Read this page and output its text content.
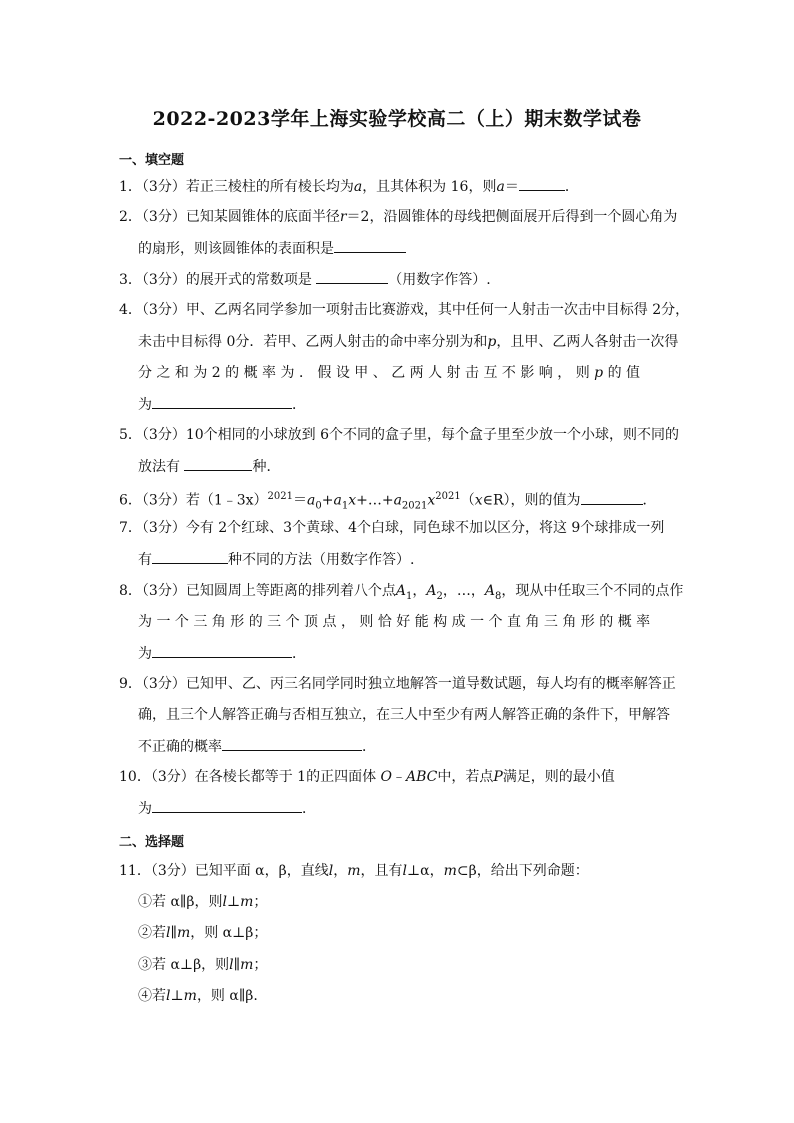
2022-2023学年上海实验学校高二（上）期末数学试卷
一、填空题
1．（3分）若正三棱柱的所有棱长均为a，且其体积为 16，则a＝	．
2．（3分）已知某圆锥体的底面半径r＝2，沿圆锥体的母线把侧面展开后得到一个圆心角为
的扇形，则该圆锥体的表面积是
3．（3分）的展开式的常数项是	（用数字作答）.
4．（3分）甲、乙两名同学参加一项射击比赛游戏，其中任何一人射击一次击中目标得 2分，
未击中目标得 0分．若甲、乙两人射击的命中率分别为和p，且甲、乙两人各射击一次得
分 之 和 为 2 的 概 率 为 ． 假 设 甲 、 乙 两 人 射 击 互 不 影 响 ， 则 p 的 值
为	．
5．（3分）10个相同的小球放到 6个不同的盒子里，每个盒子里至少放一个小球，则不同的
放法有	种．
6．（3分）若$(1﹣3x)^{2021}=a_0+a_1x+\dots+a_{2021}x^{2021}(x\in R)$，则的值为	．
7．（3分）今有 2个红球、3个黄球、4个白球，同色球不加以区分，将这 9个球排成一列
有	种不同的方法（用数字作答）.
8．（3分）已知圆周上等距离的排列着八个点$A_1$，$A_2$，…，$A_8$，现从中任取三个不同的点作
为 一 个 三 角 形 的 三 个 顶 点 ， 则 恰 好 能 构 成 一 个 直 角 三 角 形 的 概 率
为	．
9．（3分）已知甲、乙、丙三名同学同时独立地解答一道导数试题，每人均有的概率解答正
确，且三个人解答正确与否相互独立，在三人中至少有两人解答正确的条件下，甲解答
不正确的概率	．
10．（3分）在各棱长都等于 1的正四面体 O﹣ABC中，若点P满足，则的最小值
为	．
二、选择题
11．（3分）已知平面 α，β，直线l，m，且有l⊥α，m⊂β，给出下列命题：
①若 α∥β，则l⊥m；
②若l∥m，则 α⊥β；
③若 α⊥β，则l∥m；
④若l⊥m，则 α∥β.
